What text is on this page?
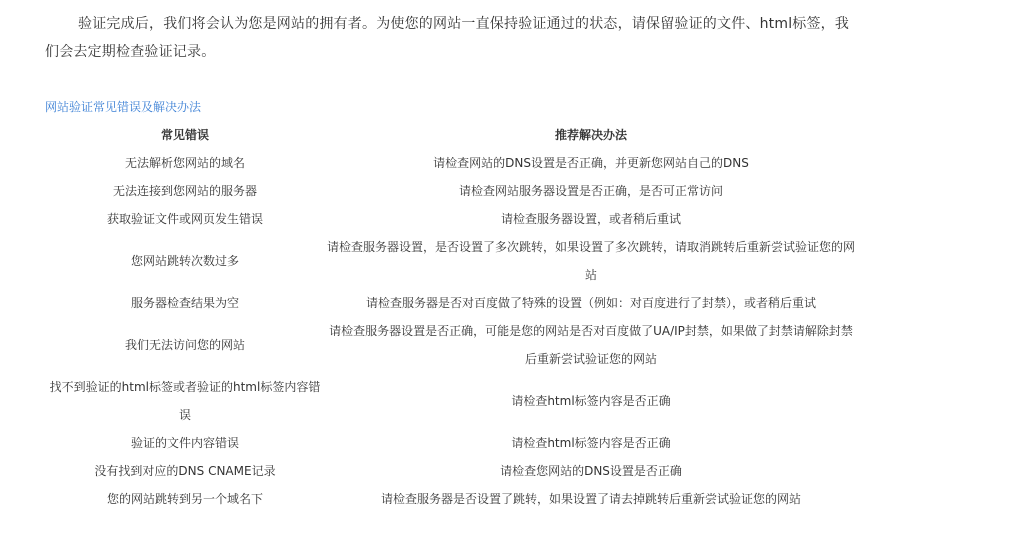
验证完成后，我们将会认为您是网站的拥有者。为使您的网站一直保持验证通过的状态，请保留验证的文件、html标签，我们会去定期检查验证记录。

网站验证常见错误及解决办法
常见错误	推荐解决办法
无法解析您网站的域名	请检查网站的DNS设置是否正确，并更新您网站自己的DNS
无法连接到您网站的服务器	请检查网站服务器设置是否正确，是否可正常访问
获取验证文件或网页发生错误	请检查服务器设置，或者稍后重试
您网站跳转次数过多	请检查服务器设置，是否设置了多次跳转，如果设置了多次跳转，请取消跳转后重新尝试验证您的网站
服务器检查结果为空	请检查服务器是否对百度做了特殊的设置（例如：对百度进行了封禁），或者稍后重试
我们无法访问您的网站	请检查服务器设置是否正确，可能是您的网站是否对百度做了UA/IP封禁，如果做了封禁请解除封禁后重新尝试验证您的网站
找不到验证的html标签或者验证的html标签内容错误	请检查html标签内容是否正确
验证的文件内容错误	请检查html标签内容是否正确
没有找到对应的DNS CNAME记录	请检查您网站的DNS设置是否正确
您的网站跳转到另一个域名下	请检查服务器是否设置了跳转，如果设置了请去掉跳转后重新尝试验证您的网站
